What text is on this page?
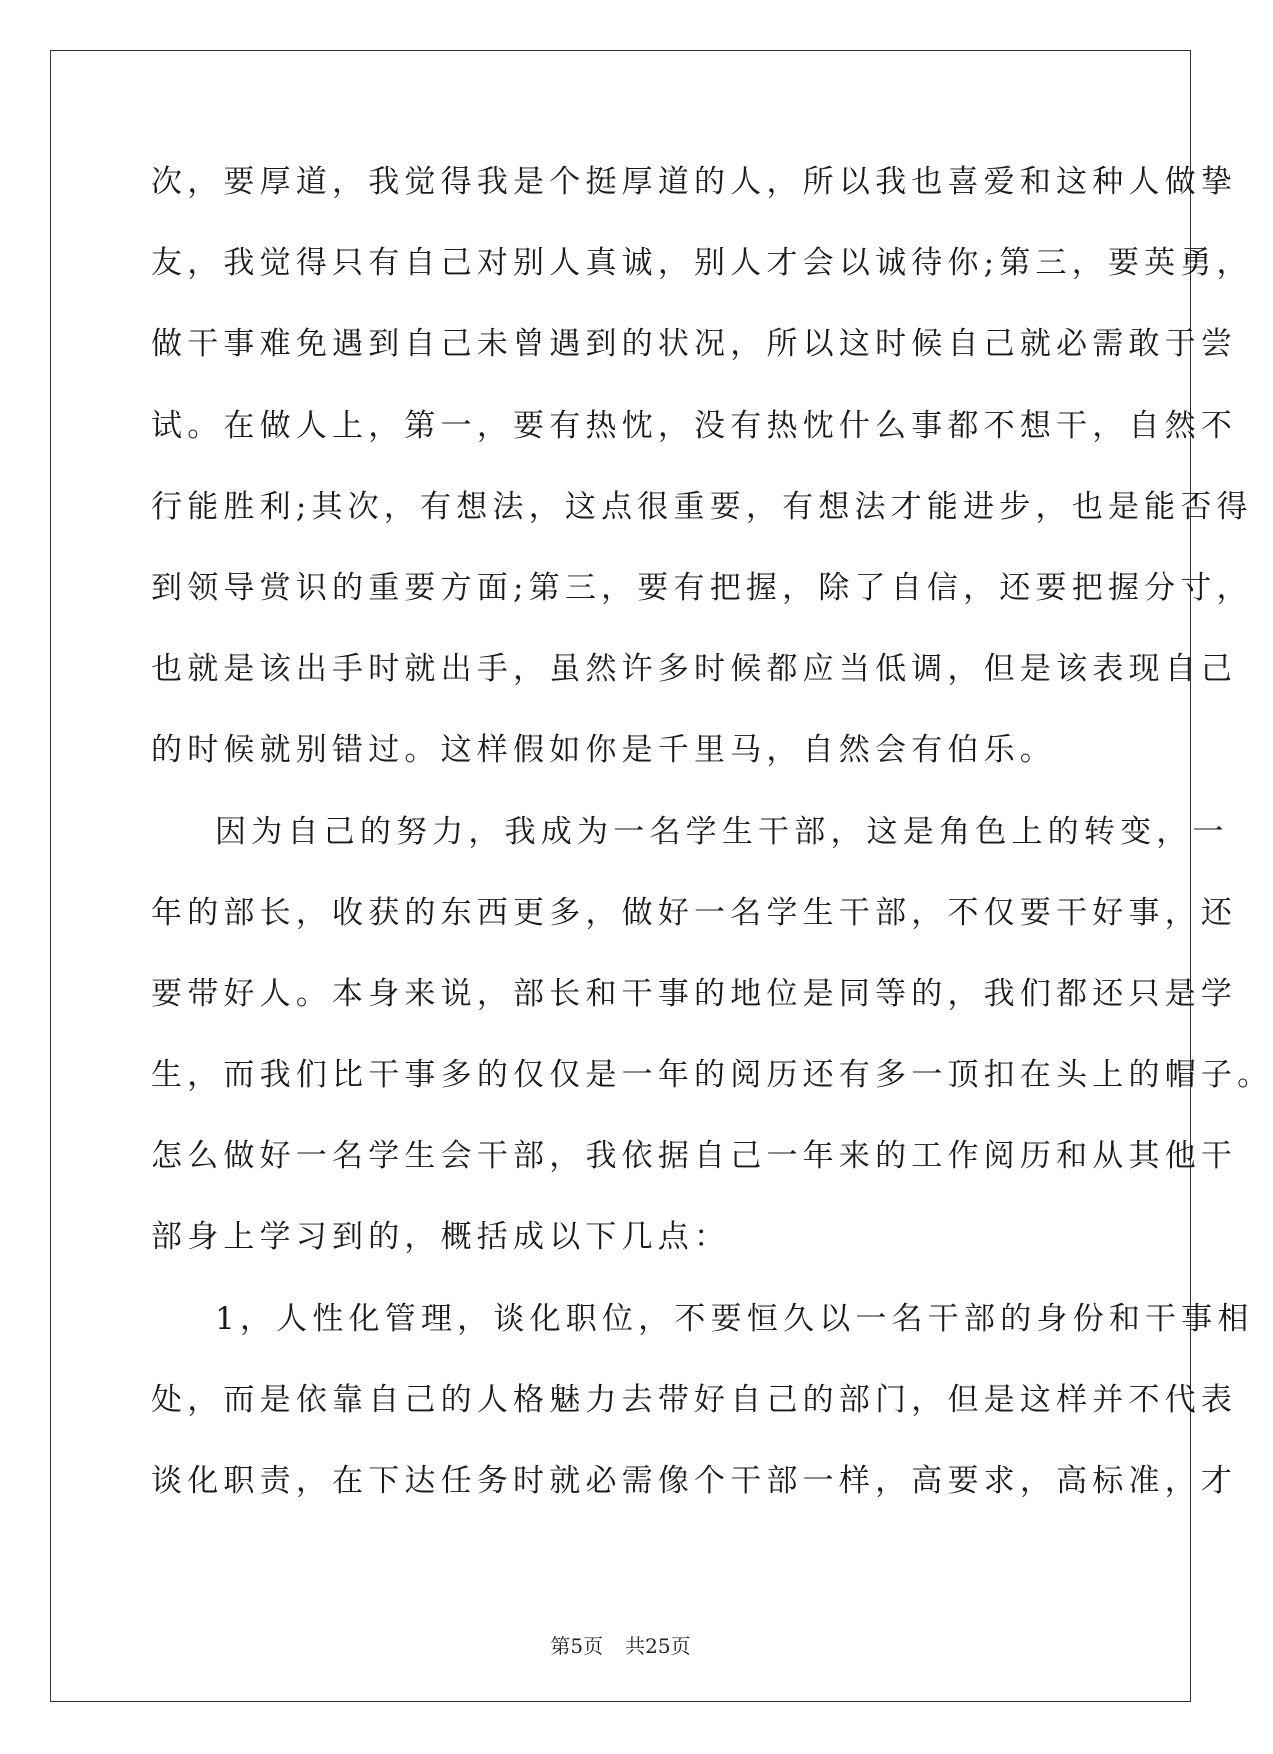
次 ， 要 厚 道 ， 我 觉 得 我 是 个 挺 厚 道 的 人 ， 所 以 我 也 喜 爱 和 这 种 人 做 挚
友 ， 我 觉 得 只 有 自 己 对 别 人 真 诚 ， 别 人 才 会 以 诚 待 你 ; 第 三 ， 要 英 勇 ，
做 干 事 难 免 遇 到 自 己 未 曾 遇 到 的 状 况 ， 所 以 这 时 候 自 己 就 必 需 敢 于 尝
试 。 在 做 人 上 ， 第 一 ， 要 有 热 忱 ， 没 有 热 忱 什 么 事 都 不 想 干 ， 自 然 不
行 能 胜 利 ; 其 次 ， 有 想 法 ， 这 点 很 重 要 ， 有 想 法 才 能 进 步 ， 也 是 能 否 得
到 领 导 赏 识 的 重 要 方 面 ; 第 三 ， 要 有 把 握 ， 除 了 自 信 ， 还 要 把 握 分 寸 ，
也 就 是 该 出 手 时 就 出 手 ， 虽 然 许 多 时 候 都 应 当 低 调 ， 但 是 该 表 现 自 己
的时候就别错过。这样假如你是千里马，自然会有伯乐。
因 为 自 己 的 努 力 ， 我 成 为 一 名 学 生 干 部 ， 这 是 角 色 上 的 转 变 ， 一
年 的 部 长 ， 收 获 的 东 西 更 多 ， 做 好 一 名 学 生 干 部 ， 不 仅 要 干 好 事 ， 还
要 带 好 人 。 本 身 来 说 ， 部 长 和 干 事 的 地 位 是 同 等 的 ， 我 们 都 还 只 是 学
生 ， 而 我 们 比 干 事 多 的 仅 仅 是 一 年 的 阅 历 还 有 多 一 顶 扣 在 头 上 的 帽 子 。
怎 么 做 好 一 名 学 生 会 干 部 ， 我 依 据 自 己 一 年 来 的 工 作 阅 历 和 从 其 他 干
部身上学习到的，概括成以下几点：
1 ， 人 性 化 管 理 ， 谈 化 职 位 ， 不 要 恒 久 以 一 名 干 部 的 身 份 和 干 事 相
处 ， 而 是 依 靠 自 己 的 人 格 魅 力 去 带 好 自 己 的 部 门 ， 但 是 这 样 并 不 代 表
谈 化 职 责 ， 在 下 达 任 务 时 就 必 需 像 个 干 部 一 样 ， 高 要 求 ， 高 标 准 ， 才
第5页 共25页
